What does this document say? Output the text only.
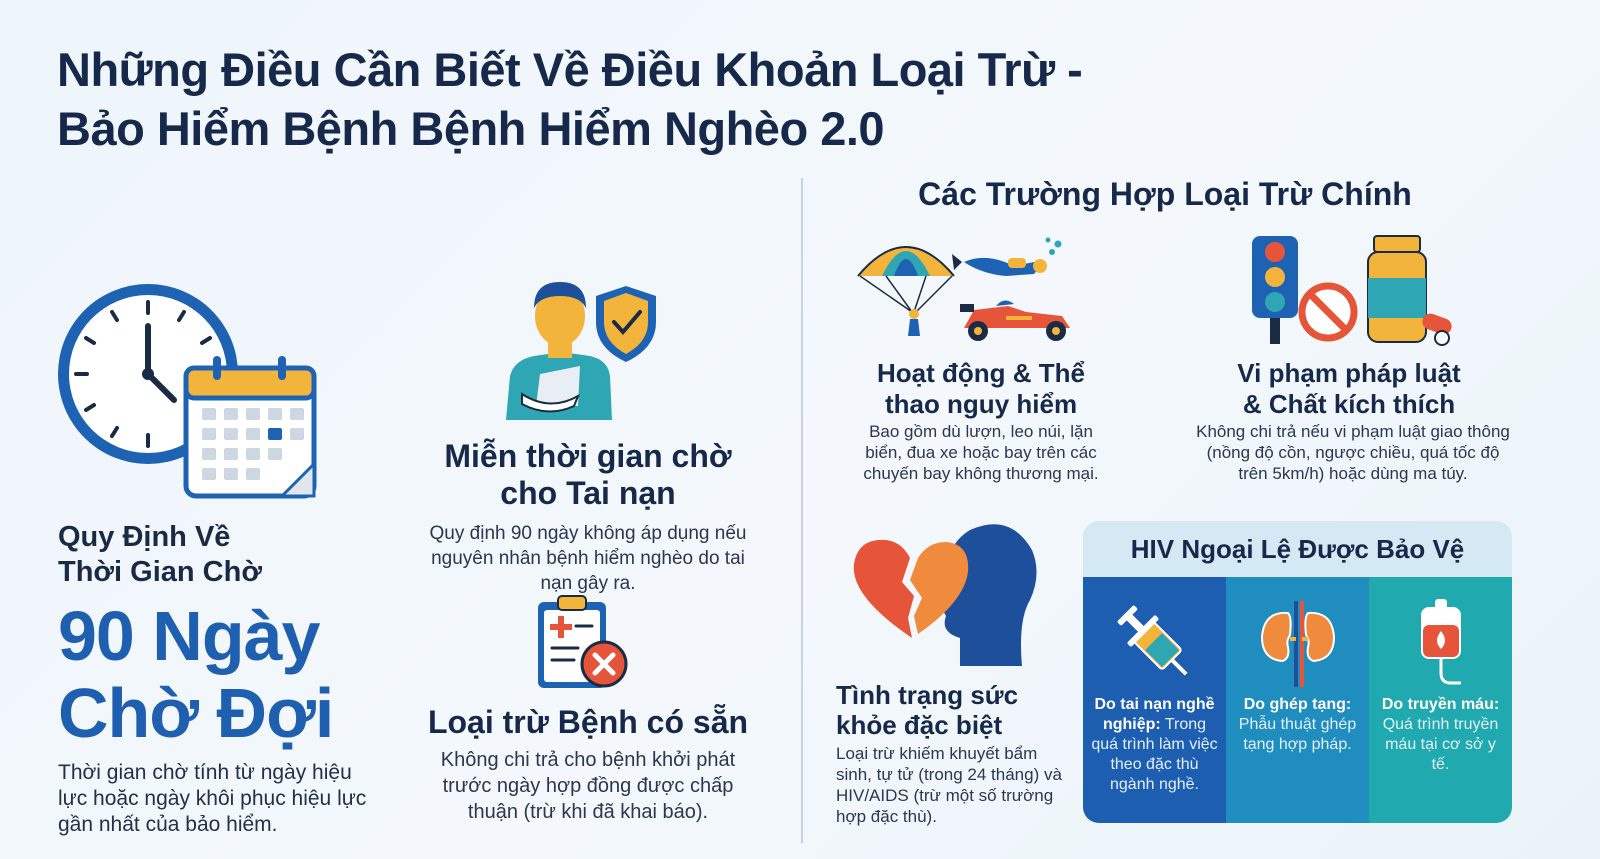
Những Điều Cần Biết Về Điều Khoản Loại Trừ -
Bảo Hiểm Bệnh Bệnh Hiểm Nghèo 2.0
Quy Định Về
Thời Gian Chờ
90 Ngày
Chờ Đợi
Thời gian chờ tính từ ngày hiệu lực hoặc ngày khôi phục hiệu lực gần nhất của bảo hiểm.
Miễn thời gian chờ
cho Tai nạn
Quy định 90 ngày không áp dụng nếu nguyên nhân bệnh hiểm nghèo do tai nạn gây ra.
Loại trừ Bệnh có sẵn
Không chi trả cho bệnh khởi phát trước ngày hợp đồng được chấp thuận (trừ khi đã khai báo).
Các Trường Hợp Loại Trừ Chính
Hoạt động & Thể
thao nguy hiểm
Bao gồm dù lượn, leo núi, lặn biển, đua xe hoặc bay trên các chuyến bay không thương mại.
Vi phạm pháp luật
& Chất kích thích
Không chi trả nếu vi phạm luật giao thông (nồng độ cồn, ngược chiều, quá tốc độ trên 5km/h) hoặc dùng ma túy.
Tình trạng sức
khỏe đặc biệt
Loại trừ khiếm khuyết bẩm sinh, tự tử (trong 24 tháng) và HIV/AIDS (trừ một số trường hợp đặc thù).
HIV Ngoại Lệ Được Bảo Vệ
Do tai nạn nghề nghiệp: Trong quá trình làm việc theo đặc thù ngành nghề.
Do ghép tạng: Phẫu thuật ghép tạng hợp pháp.
Do truyền máu: Quá trình truyền máu tại cơ sở y tế.
